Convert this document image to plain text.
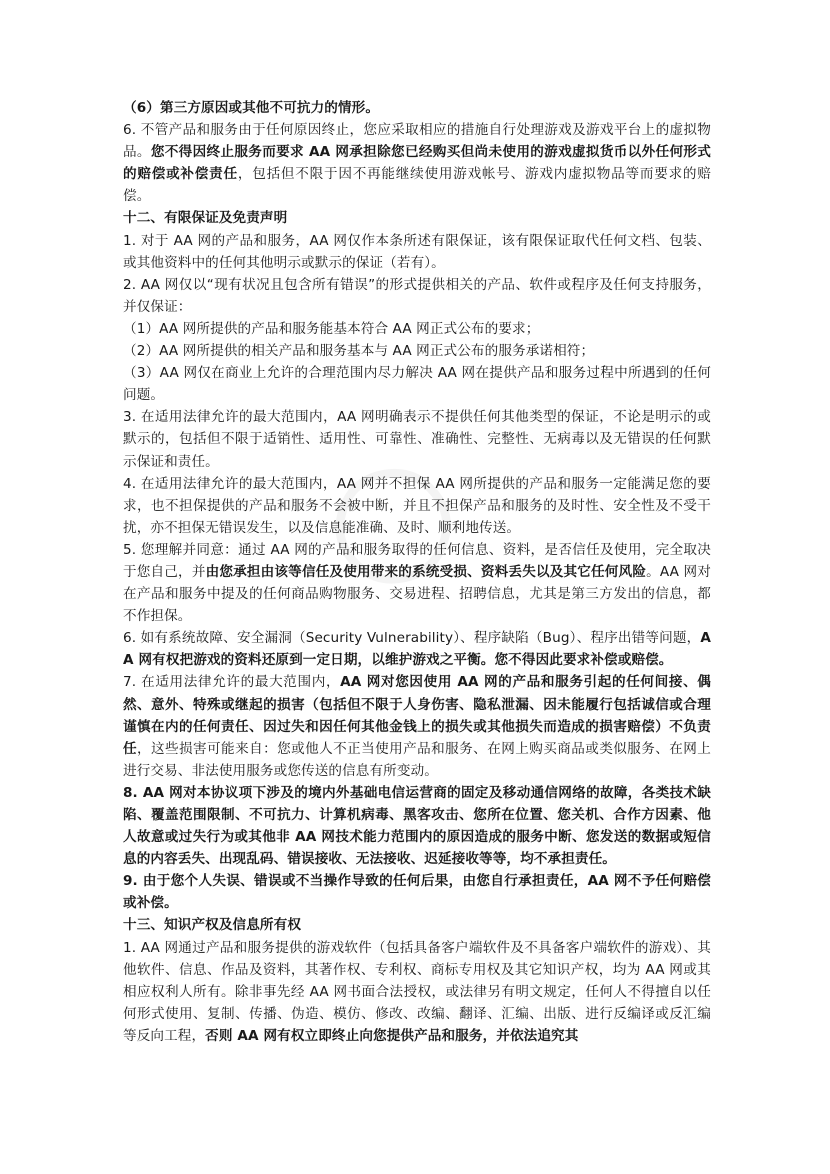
（6）第三方原因或其他不可抗力的情形。

6. 不管产品和服务由于任何原因终止，您应采取相应的措施自行处理游戏及游戏平台上的虚拟物品。您不得因终止服务而要求 AA 网承担除您已经购买但尚未使用的游戏虚拟货币以外任何形式的赔偿或补偿责任，包括但不限于因不再能继续使用游戏帐号、游戏内虚拟物品等而要求的赔偿。

十二、有限保证及免责声明

1. 对于 AA 网的产品和服务，AA 网仅作本条所述有限保证，该有限保证取代任何文档、包装、或其他资料中的任何其他明示或默示的保证（若有）。

2. AA 网仅以“现有状况且包含所有错误”的形式提供相关的产品、软件或程序及任何支持服务，并仅保证：

（1）AA 网所提供的产品和服务能基本符合 AA 网正式公布的要求；

（2）AA 网所提供的相关产品和服务基本与 AA 网正式公布的服务承诺相符；

（3）AA 网仅在商业上允许的合理范围内尽力解决 AA 网在提供产品和服务过程中所遇到的任何问题。

3. 在适用法律允许的最大范围内，AA 网明确表示不提供任何其他类型的保证，不论是明示的或默示的，包括但不限于适销性、适用性、可靠性、准确性、完整性、无病毒以及无错误的任何默示保证和责任。

4. 在适用法律允许的最大范围内，AA 网并不担保 AA 网所提供的产品和服务一定能满足您的要求，也不担保提供的产品和服务不会被中断，并且不担保产品和服务的及时性、安全性及不受干扰，亦不担保无错误发生，以及信息能准确、及时、顺利地传送。

5. 您理解并同意：通过 AA 网的产品和服务取得的任何信息、资料，是否信任及使用，完全取决于您自己，并由您承担由该等信任及使用带来的系统受损、资料丢失以及其它任何风险。AA 网对在产品和服务中提及的任何商品购物服务、交易进程、招聘信息，尤其是第三方发出的信息，都不作担保。

6. 如有系统故障、安全漏洞（Security Vulnerability）、程序缺陷（Bug）、程序出错等问题，AA 网有权把游戏的资料还原到一定日期，以维护游戏之平衡。您不得因此要求补偿或赔偿。

7. 在适用法律允许的最大范围内，AA 网对您因使用 AA 网的产品和服务引起的任何间接、偶然、意外、特殊或继起的损害（包括但不限于人身伤害、隐私泄漏、因未能履行包括诚信或合理谨慎在内的任何责任、因过失和因任何其他金钱上的损失或其他损失而造成的损害赔偿）不负责任，这些损害可能来自：您或他人不正当使用产品和服务、在网上购买商品或类似服务、在网上进行交易、非法使用服务或您传送的信息有所变动。

8. AA 网对本协议项下涉及的境内外基础电信运营商的固定及移动通信网络的故障，各类技术缺陷、覆盖范围限制、不可抗力、计算机病毒、黑客攻击、您所在位置、您关机、合作方因素、他人故意或过失行为或其他非 AA 网技术能力范围内的原因造成的服务中断、您发送的数据或短信息的内容丢失、出现乱码、错误接收、无法接收、迟延接收等等，均不承担责任。

9. 由于您个人失误、错误或不当操作导致的任何后果，由您自行承担责任，AA 网不予任何赔偿或补偿。

十三、知识产权及信息所有权

1. AA 网通过产品和服务提供的游戏软件（包括具备客户端软件及不具备客户端软件的游戏）、其他软件、信息、作品及资料，其著作权、专利权、商标专用权及其它知识产权，均为 AA 网或其相应权利人所有。除非事先经 AA 网书面合法授权，或法律另有明文规定，任何人不得擅自以任何形式使用、复制、传播、伪造、模仿、修改、改编、翻译、汇编、出版、进行反编译或反汇编等反向工程，否则 AA 网有权立即终止向您提供产品和服务，并依法追究其
